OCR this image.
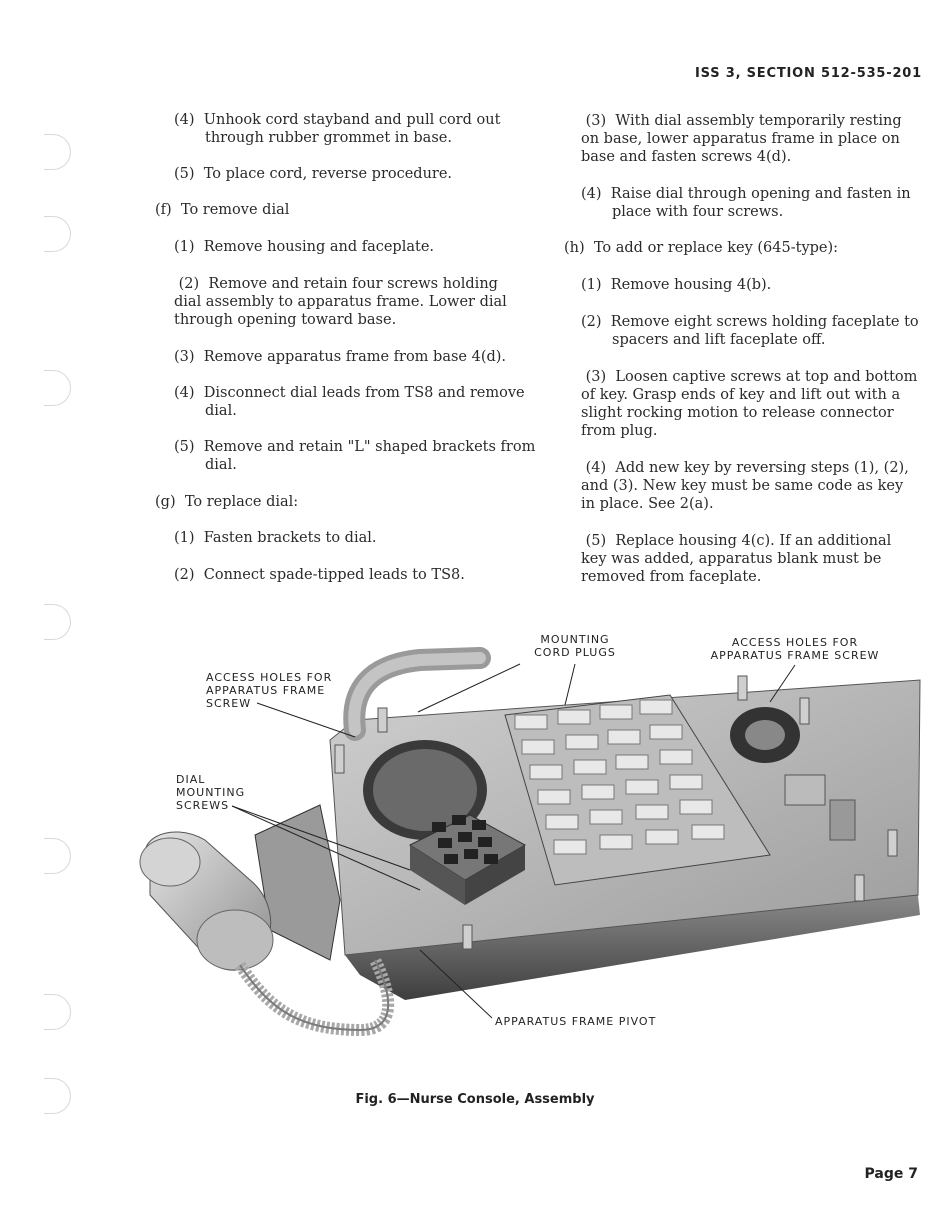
ISS 3, SECTION 512-535-201
(4) Unhook cord stayband and pull cord out through rubber grommet in base.
(5) To place cord, reverse procedure.
(f) To remove dial
(1) Remove housing and faceplate.
(2) Remove and retain four screws holding dial assembly to apparatus frame. Lower dial through opening toward base.
(3) Remove apparatus frame from base 4(d).
(4) Disconnect dial leads from TS8 and remove dial.
(5) Remove and retain "L" shaped brackets from dial.
(g) To replace dial:
(1) Fasten brackets to dial.
(2) Connect spade-tipped leads to TS8.
(3) With dial assembly temporarily resting on base, lower apparatus frame in place on base and fasten screws 4(d).
(4) Raise dial through opening and fasten in place with four screws.
(h) To add or replace key (645-type):
(1) Remove housing 4(b).
(2) Remove eight screws holding faceplate to spacers and lift faceplate off.
(3) Loosen captive screws at top and bottom of key. Grasp ends of key and lift out with a slight rocking motion to release connector from plug.
(4) Add new key by reversing steps (1), (2), and (3). New key must be same code as key in place. See 2(a).
(5) Replace housing 4(c). If an additional key was added, apparatus blank must be removed from faceplate.
MOUNTING
CORD PLUGS
ACCESS HOLES FOR
APPARATUS FRAME SCREW
ACCESS HOLES FOR
APPARATUS FRAME
SCREW
DIAL
MOUNTING
SCREWS
APPARATUS FRAME PIVOT
Fig. 6—Nurse Console, Assembly
Page 7
